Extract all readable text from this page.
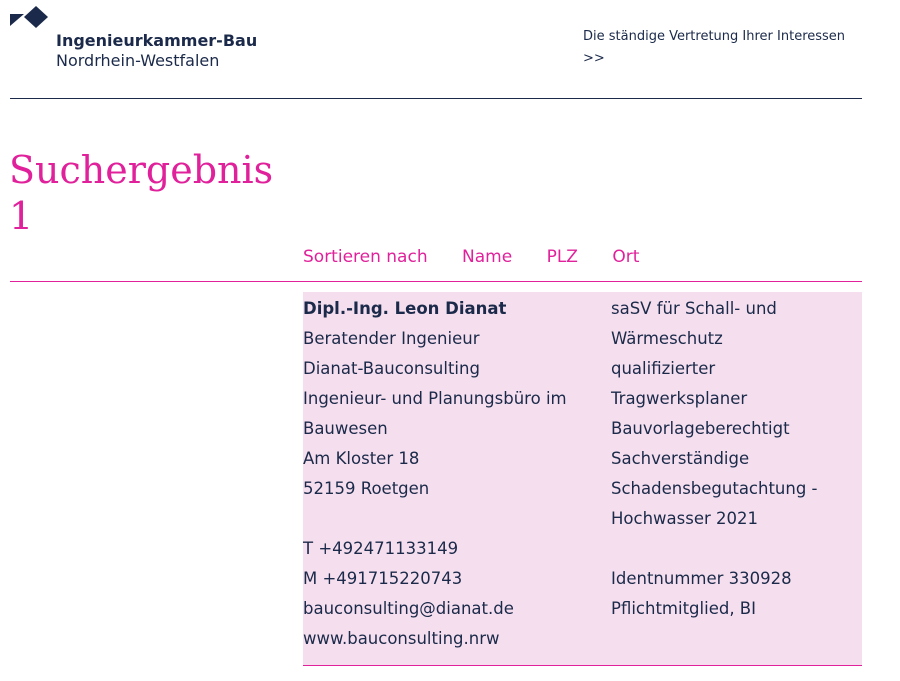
Ingenieurkammer-Bau
Nordrhein-Westfalen
Die ständige Vertretung Ihrer Interessen
>>
Suchergebnis
1
Sortieren nach Name PLZ Ort
Dipl.-Ing. Leon Dianat
Beratender Ingenieur
Dianat-Bauconsulting
Ingenieur- und Planungsbüro im
Bauwesen
Am Kloster 18
52159 Roetgen
T +492471133149
M +491715220743
bauconsulting@dianat.de
www.bauconsulting.nrw
saSV für Schall- und
Wärmeschutz
qualifizierter
Tragwerksplaner
Bauvorlageberechtigt
Sachverständige
Schadensbegutachtung -
Hochwasser 2021
Identnummer 330928
Pflichtmitglied, BI
